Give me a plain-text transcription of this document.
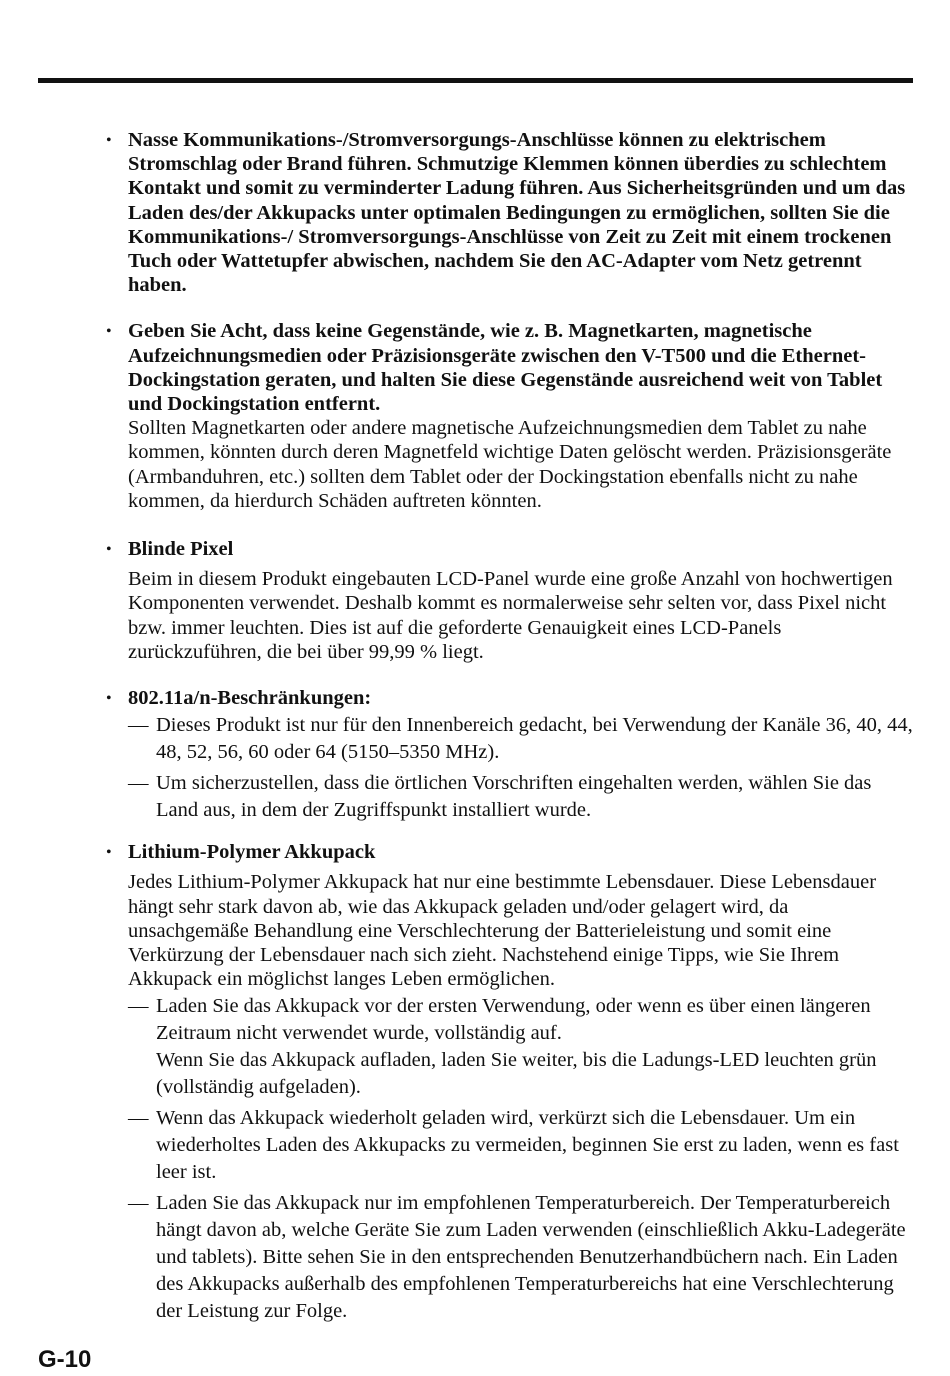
• Nasse Kommunikations-/Stromversorgungs-Anschlüsse können zu elektrischem Stromschlag oder Brand führen. Schmutzige Klemmen können überdies zu schlechtem Kontakt und somit zu verminderter Ladung führen. Aus Sicherheitsgründen und um das Laden des/der Akkupacks unter optimalen Bedingungen zu ermöglichen, sollten Sie die Kommunikations-/ Stromversorgungs-Anschlüsse von Zeit zu Zeit mit einem trockenen Tuch oder Wattetupfer abwischen, nachdem Sie den AC-Adapter vom Netz getrennt haben.
• Geben Sie Acht, dass keine Gegenstände, wie z. B. Magnetkarten, magnetische Aufzeichnungsmedien oder Präzisionsgeräte zwischen den V-T500 und die Ethernet-Dockingstation geraten, und halten Sie diese Gegenstände ausreichend weit von Tablet und Dockingstation entfernt.
Sollten Magnetkarten oder andere magnetische Aufzeichnungsmedien dem Tablet zu nahe kommen, könnten durch deren Magnetfeld wichtige Daten gelöscht werden. Präzisionsgeräte (Armbanduhren, etc.) sollten dem Tablet oder der Dockingstation ebenfalls nicht zu nahe kommen, da hierdurch Schäden auftreten könnten.
• Blinde Pixel
Beim in diesem Produkt eingebauten LCD-Panel wurde eine große Anzahl von hochwertigen Komponenten verwendet. Deshalb kommt es normalerweise sehr selten vor, dass Pixel nicht bzw. immer leuchten. Dies ist auf die geforderte Genauigkeit eines LCD-Panels zurückzuführen, die bei über 99,99 % liegt.
• 802.11a/n-Beschränkungen:
— Dieses Produkt ist nur für den Innenbereich gedacht, bei Verwendung der Kanäle 36, 40, 44, 48, 52, 56, 60 oder 64 (5150–5350 MHz).
— Um sicherzustellen, dass die örtlichen Vorschriften eingehalten werden, wählen Sie das Land aus, in dem der Zugriffspunkt installiert wurde.
• Lithium-Polymer Akkupack
Jedes Lithium-Polymer Akkupack hat nur eine bestimmte Lebensdauer. Diese Lebensdauer hängt sehr stark davon ab, wie das Akkupack geladen und/oder gelagert wird, da unsachgemäße Behandlung eine Verschlechterung der Batterieleistung und somit eine Verkürzung der Lebensdauer nach sich zieht. Nachstehend einige Tipps, wie Sie Ihrem Akkupack ein möglichst langes Leben ermöglichen.
— Laden Sie das Akkupack vor der ersten Verwendung, oder wenn es über einen längeren Zeitraum nicht verwendet wurde, vollständig auf.
Wenn Sie das Akkupack aufladen, laden Sie weiter, bis die Ladungs-LED leuchten grün (vollständig aufgeladen).
— Wenn das Akkupack wiederholt geladen wird, verkürzt sich die Lebensdauer. Um ein wiederholtes Laden des Akkupacks zu vermeiden, beginnen Sie erst zu laden, wenn es fast leer ist.
— Laden Sie das Akkupack nur im empfohlenen Temperaturbereich. Der Temperaturbereich hängt davon ab, welche Geräte Sie zum Laden verwenden (einschließlich Akku-Ladegeräte und tablets). Bitte sehen Sie in den entsprechenden Benutzerhandbüchern nach. Ein Laden des Akkupacks außerhalb des empfohlenen Temperaturbereichs hat eine Verschlechterung der Leistung zur Folge.
G-10
